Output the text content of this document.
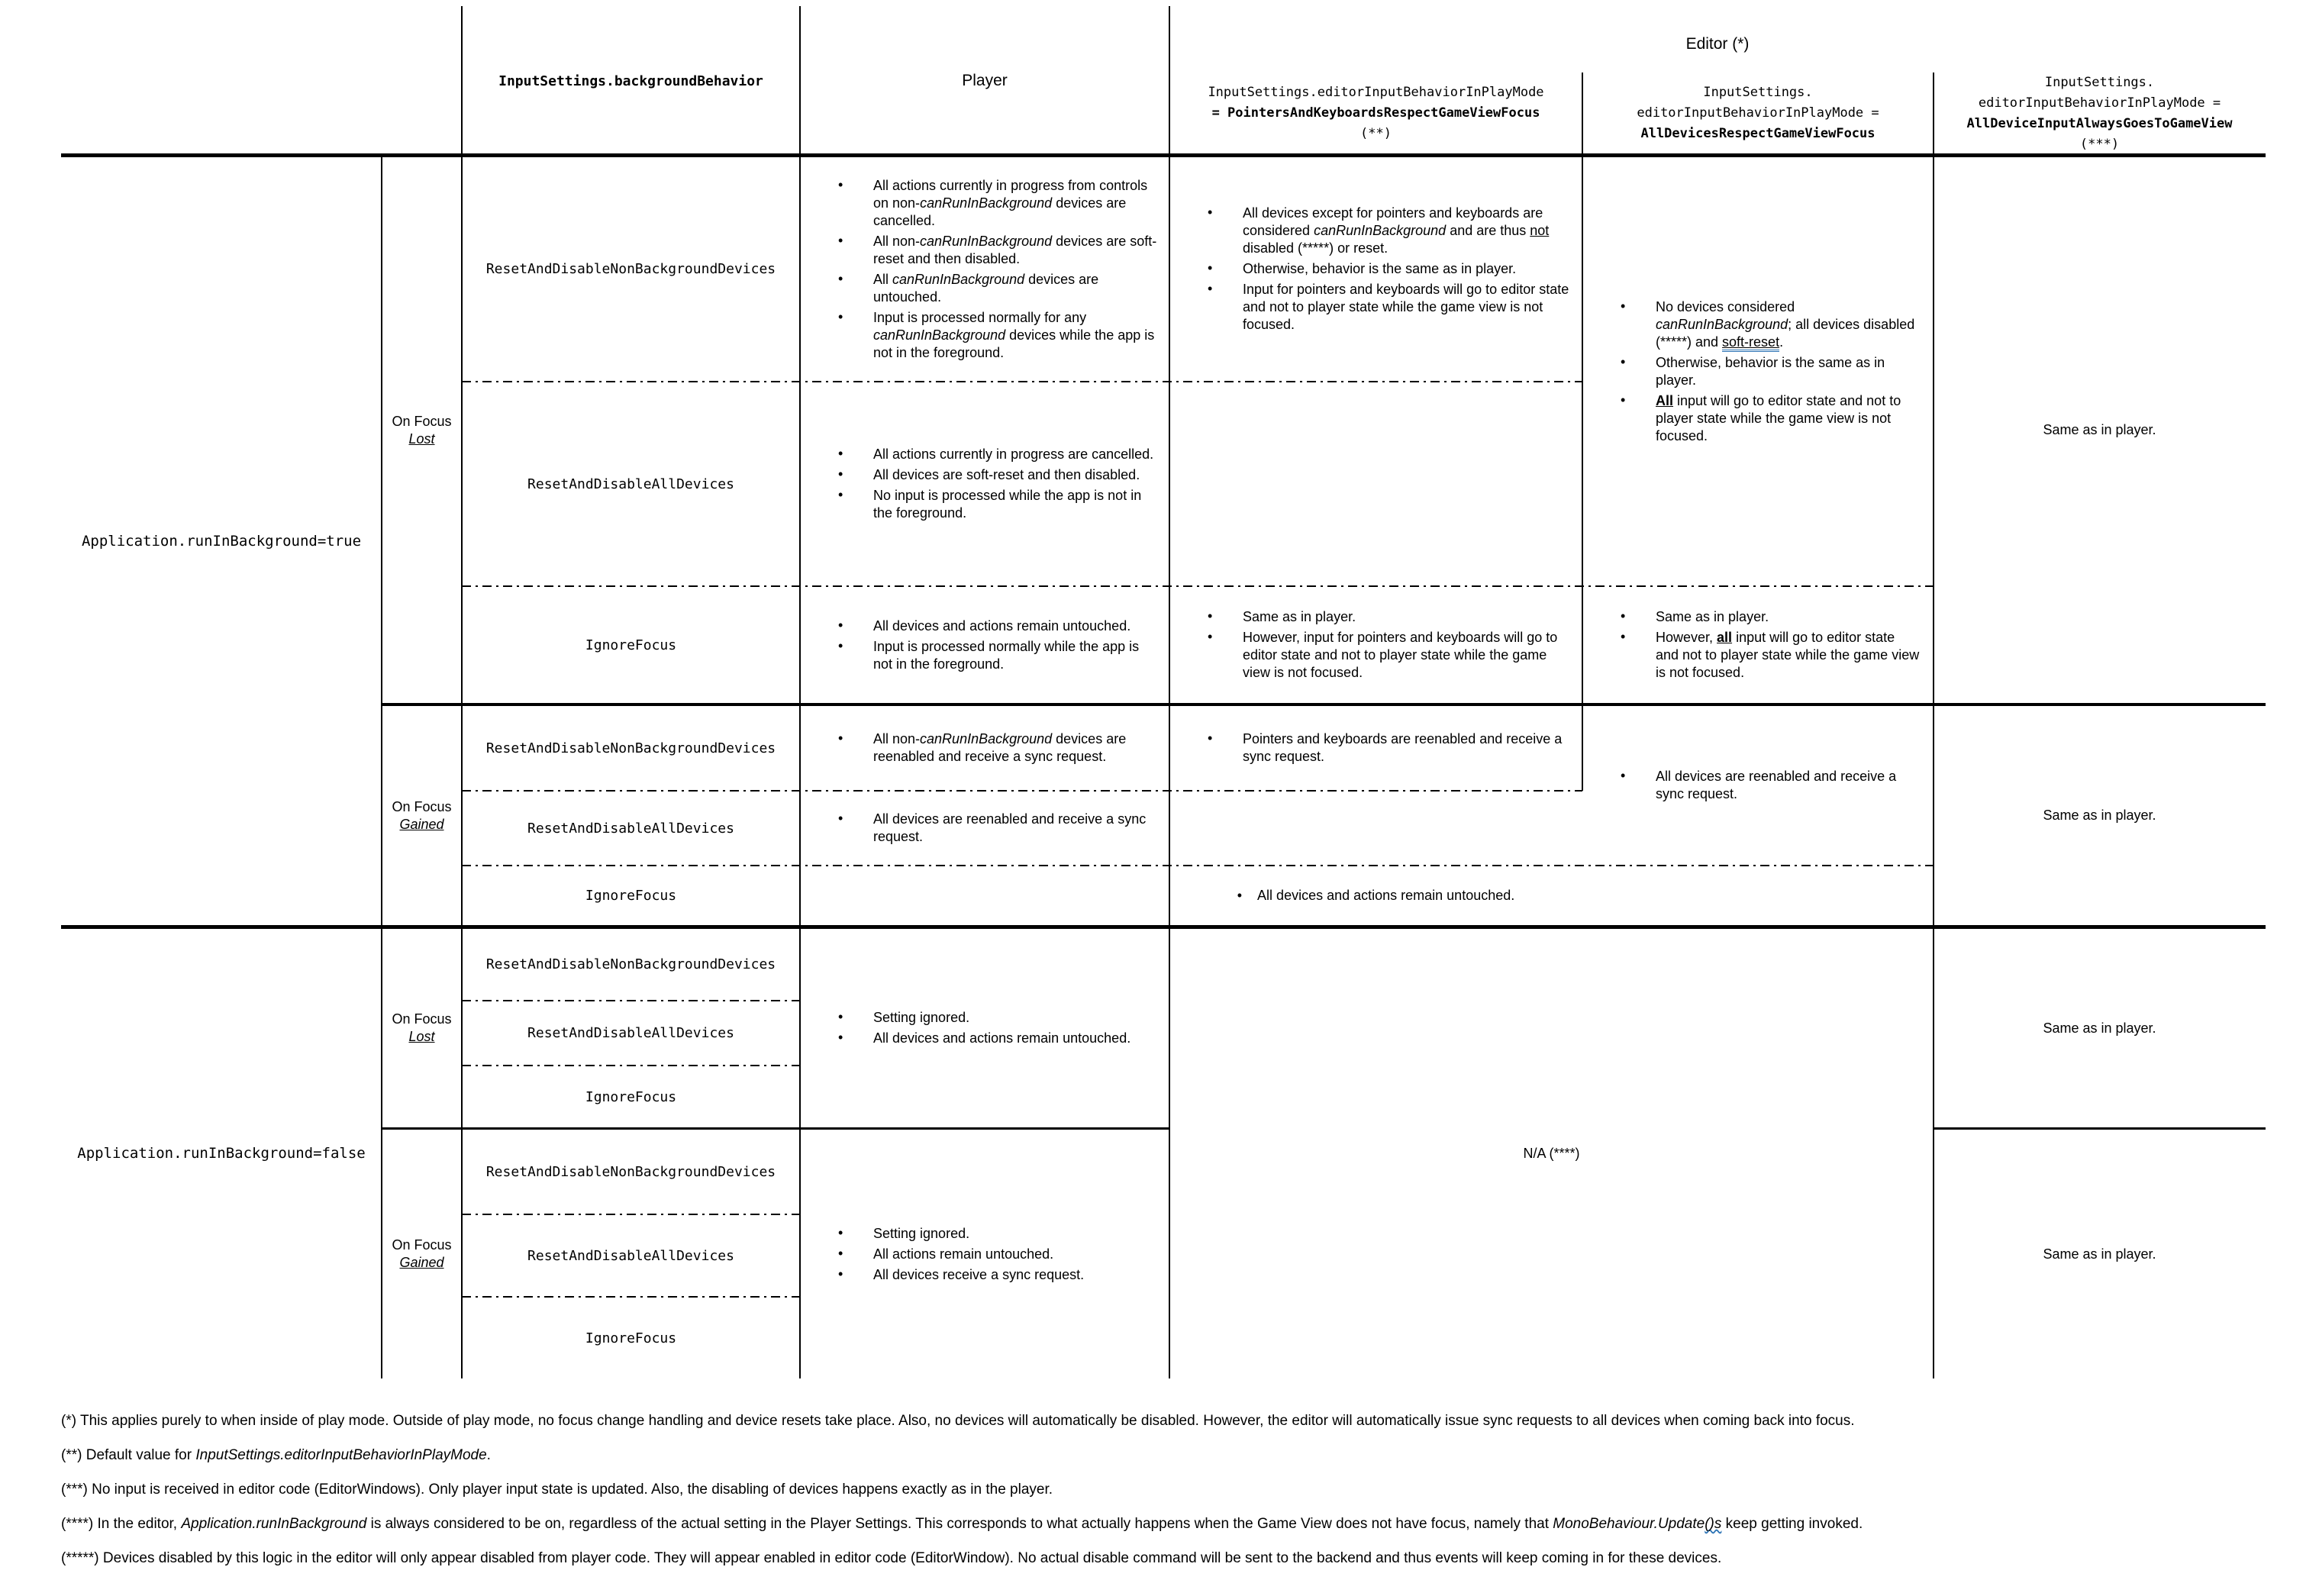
Editor (*)
InputSettings.backgroundBehavior	Player
InputSettings.editorInputBehaviorInPlayMode
= PointersAndKeyboardsRespectGameViewFocus
(**)
InputSettings.
editorInputBehaviorInPlayMode =
AllDevicesRespectGameViewFocus
InputSettings.
editorInputBehaviorInPlayMode =
AllDeviceInputAlwaysGoesToGameView
(***)
Application.runInBackground=true
On Focus
Lost
On Focus
Gained
ResetAndDisableNonBackgroundDevices
ResetAndDisableAllDevices
IgnoreFocus
• All actions currently in progress from controls on non-canRunInBackground devices are cancelled.
• All non-canRunInBackground devices are soft-reset and then disabled.
• All canRunInBackground devices are untouched.
• Input is processed normally for any canRunInBackground devices while the app is not in the foreground.
• All actions currently in progress are cancelled.
• All devices are soft-reset and then disabled.
• No input is processed while the app is not in the foreground.
• All devices and actions remain untouched.
• Input is processed normally while the app is not in the foreground.
• All devices except for pointers and keyboards are considered canRunInBackground and are thus not disabled (*****) or reset.
• Otherwise, behavior is the same as in player.
• Input for pointers and keyboards will go to editor state and not to player state while the game view is not focused.
• No devices considered canRunInBackground; all devices disabled (*****) and soft-reset.
• Otherwise, behavior is the same as in player.
• All input will go to editor state and not to player state while the game view is not focused.
• Same as in player.
• However, input for pointers and keyboards will go to editor state and not to player state while the game view is not focused.
• Same as in player.
• However, all input will go to editor state and not to player state while the game view is not focused.
Same as in player.
ResetAndDisableNonBackgroundDevices
ResetAndDisableAllDevices
IgnoreFocus
• All non-canRunInBackground devices are reenabled and receive a sync request.
• All devices are reenabled and receive a sync request.
• Pointers and keyboards are reenabled and receive a sync request.
• All devices are reenabled and receive a sync request.
• All devices and actions remain untouched.
Same as in player.
Application.runInBackground=false
On Focus
Lost
On Focus
Gained
ResetAndDisableNonBackgroundDevices
ResetAndDisableAllDevices
IgnoreFocus
ResetAndDisableNonBackgroundDevices
ResetAndDisableAllDevices
IgnoreFocus
• Setting ignored.
• All devices and actions remain untouched.
• Setting ignored.
• All actions remain untouched.
• All devices receive a sync request.
N/A (****)
Same as in player.
Same as in player.
(*) This applies purely to when inside of play mode. Outside of play mode, no focus change handling and device resets take place. Also, no devices will automatically be disabled. However, the editor will automatically issue sync requests to all devices when coming back into focus.
(**) Default value for InputSettings.editorInputBehaviorInPlayMode.
(***) No input is received in editor code (EditorWindows). Only player input state is updated. Also, the disabling of devices happens exactly as in the player.
(****) In the editor, Application.runInBackground is always considered to be on, regardless of the actual setting in the Player Settings. This corresponds to what actually happens when the Game View does not have focus, namely that MonoBehaviour.Update()s keep getting invoked.
(*****) Devices disabled by this logic in the editor will only appear disabled from player code. They will appear enabled in editor code (EditorWindow). No actual disable command will be sent to the backend and thus events will keep coming in for these devices.
